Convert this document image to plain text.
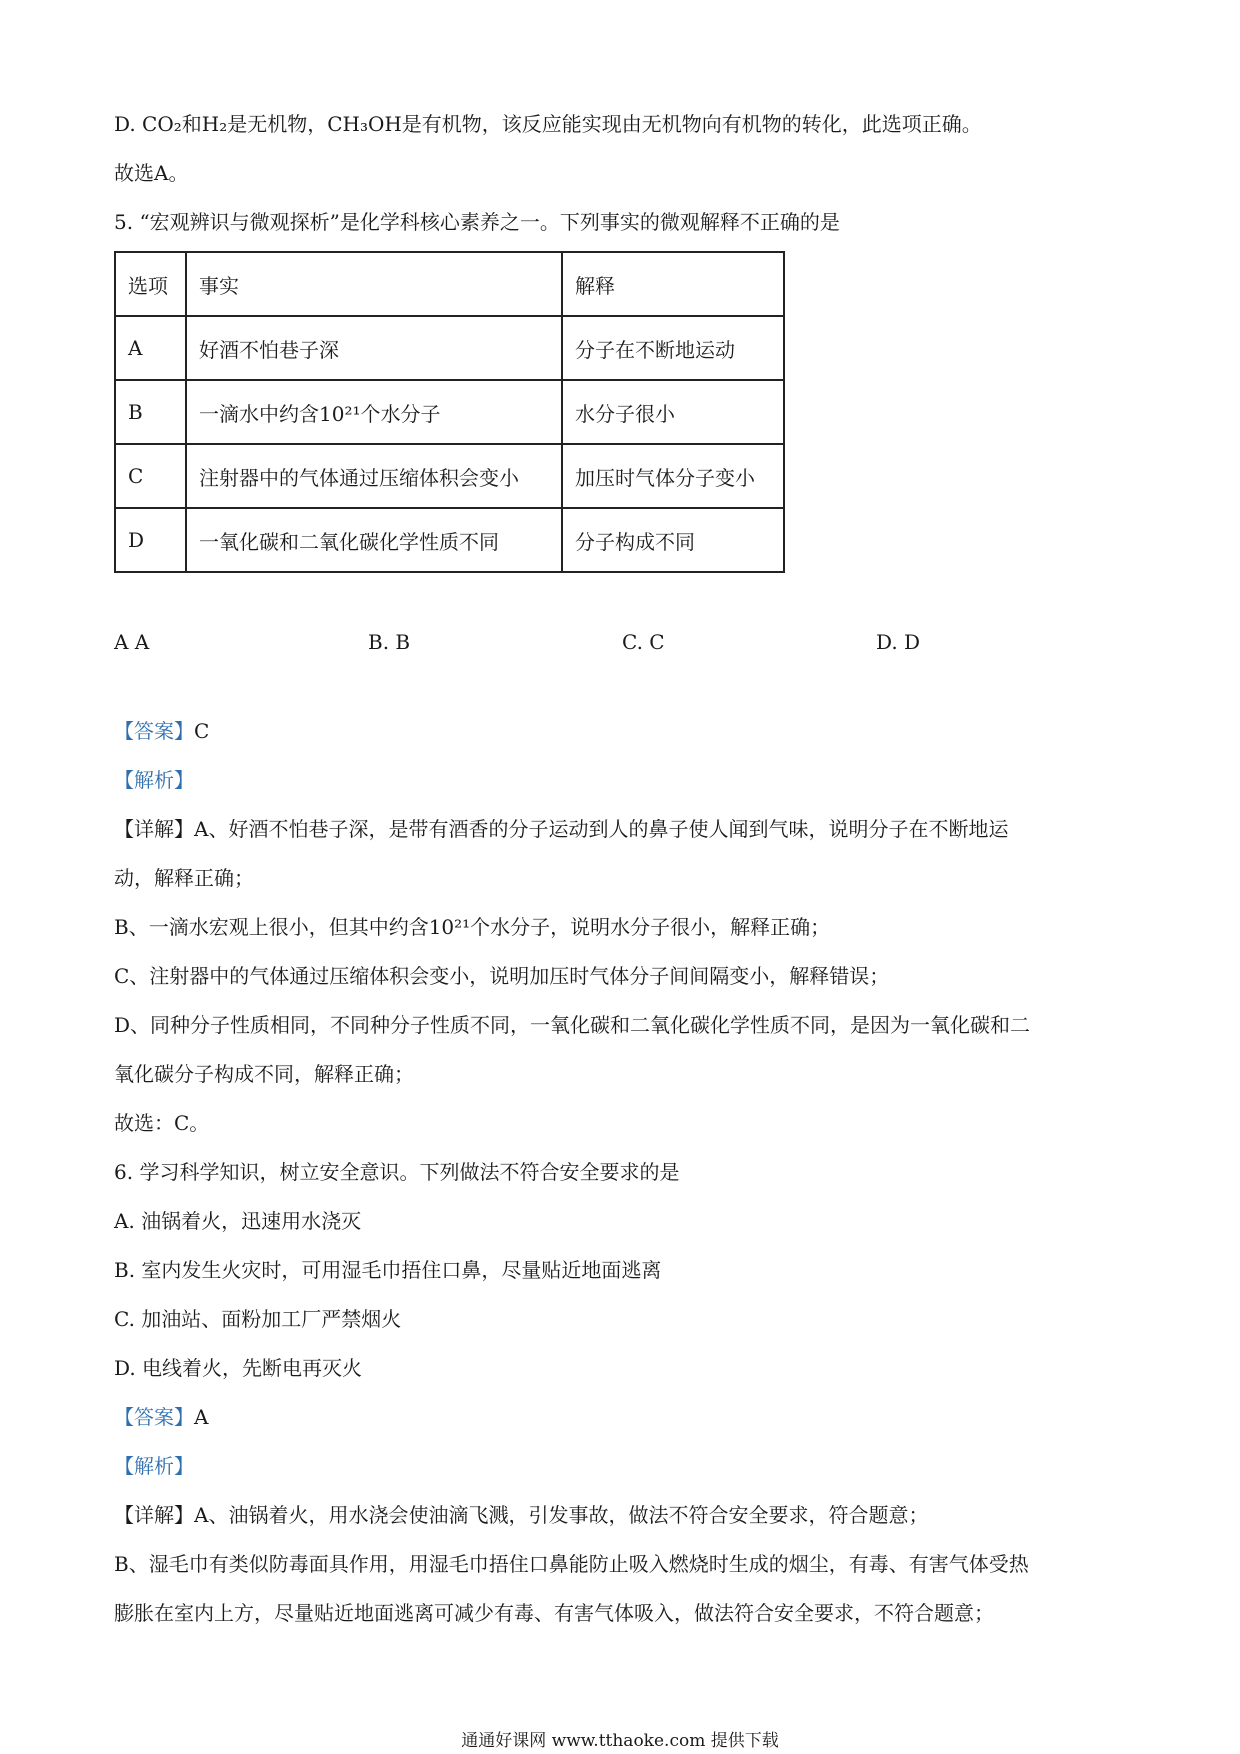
D. CO₂和H₂是无机物，CH₃OH是有机物，该反应能实现由无机物向有机物的转化，此选项正确。
故选A。
5. “宏观辨识与微观探析”是化学科核心素养之一。下列事实的微观解释不正确的是
选项	事实	解释
A	好酒不怕巷子深	分子在不断地运动
B	一滴水中约含10²¹个水分子	水分子很小
C	注射器中的气体通过压缩体积会变小	加压时气体分子变小
D	一氧化碳和二氧化碳化学性质不同	分子构成不同
A A	B. B	C. C	D. D
【答案】C
【解析】
【详解】A、好酒不怕巷子深，是带有酒香的分子运动到人的鼻子使人闻到气味，说明分子在不断地运
动，解释正确；
B、一滴水宏观上很小，但其中约含10²¹个水分子，说明水分子很小，解释正确；
C、注射器中的气体通过压缩体积会变小，说明加压时气体分子间间隔变小，解释错误；
D、同种分子性质相同，不同种分子性质不同，一氧化碳和二氧化碳化学性质不同，是因为一氧化碳和二
氧化碳分子构成不同，解释正确；
故选：C。
6. 学习科学知识，树立安全意识。下列做法不符合安全要求的是
A. 油锅着火，迅速用水浇灭
B. 室内发生火灾时，可用湿毛巾捂住口鼻，尽量贴近地面逃离
C. 加油站、面粉加工厂严禁烟火
D. 电线着火，先断电再灭火
【答案】A
【解析】
【详解】A、油锅着火，用水浇会使油滴飞溅，引发事故，做法不符合安全要求，符合题意；
B、湿毛巾有类似防毒面具作用，用湿毛巾捂住口鼻能防止吸入燃烧时生成的烟尘，有毒、有害气体受热
膨胀在室内上方，尽量贴近地面逃离可减少有毒、有害气体吸入，做法符合安全要求，不符合题意；
通通好课网 www.tthaoke.com 提供下载
